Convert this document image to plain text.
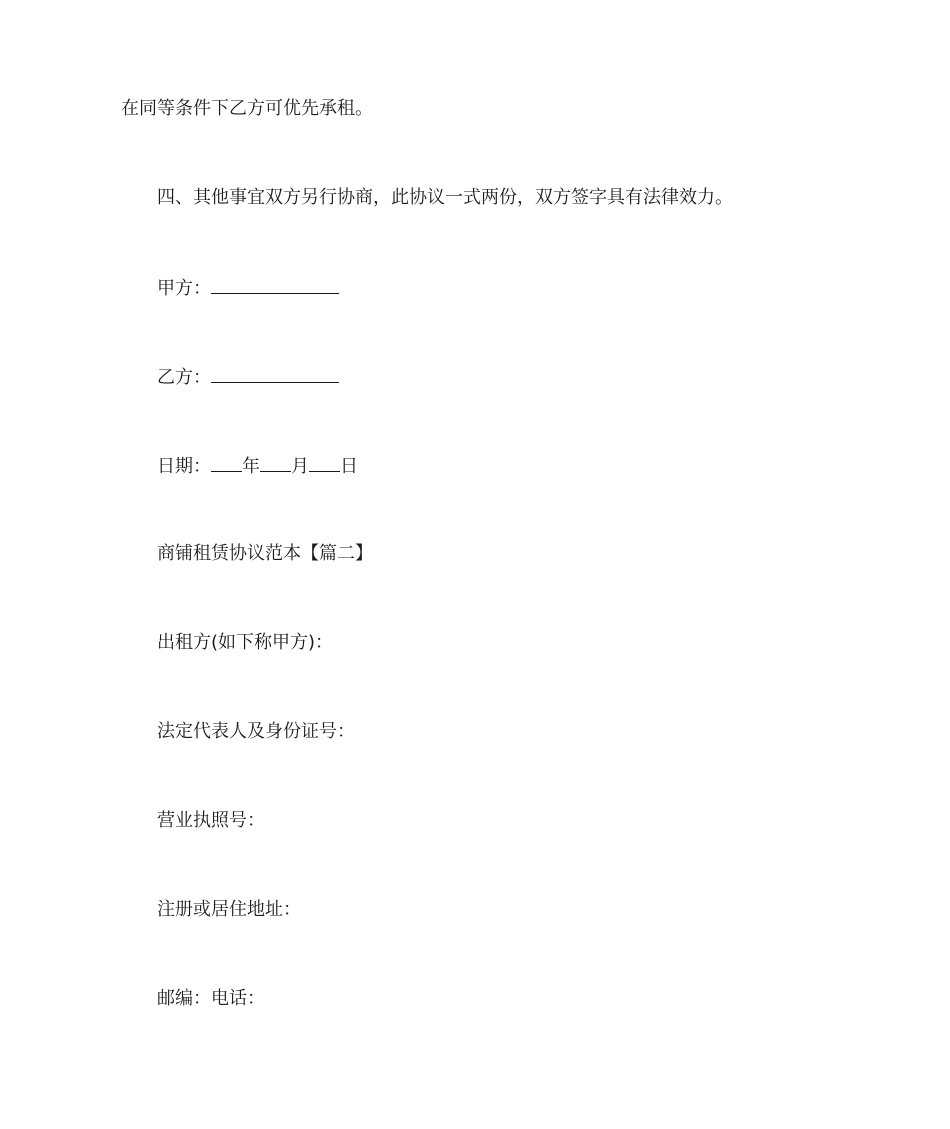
在同等条件下乙方可优先承租。
四、其他事宜双方另行协商，此协议一式两份，双方签字具有法律效力。
甲方：
乙方：
日期： 年 月 日
商铺租赁协议范本【篇二】
出租方(如下称甲方)：
法定代表人及身份证号：
营业执照号：
注册或居住地址：
邮编：电话：
